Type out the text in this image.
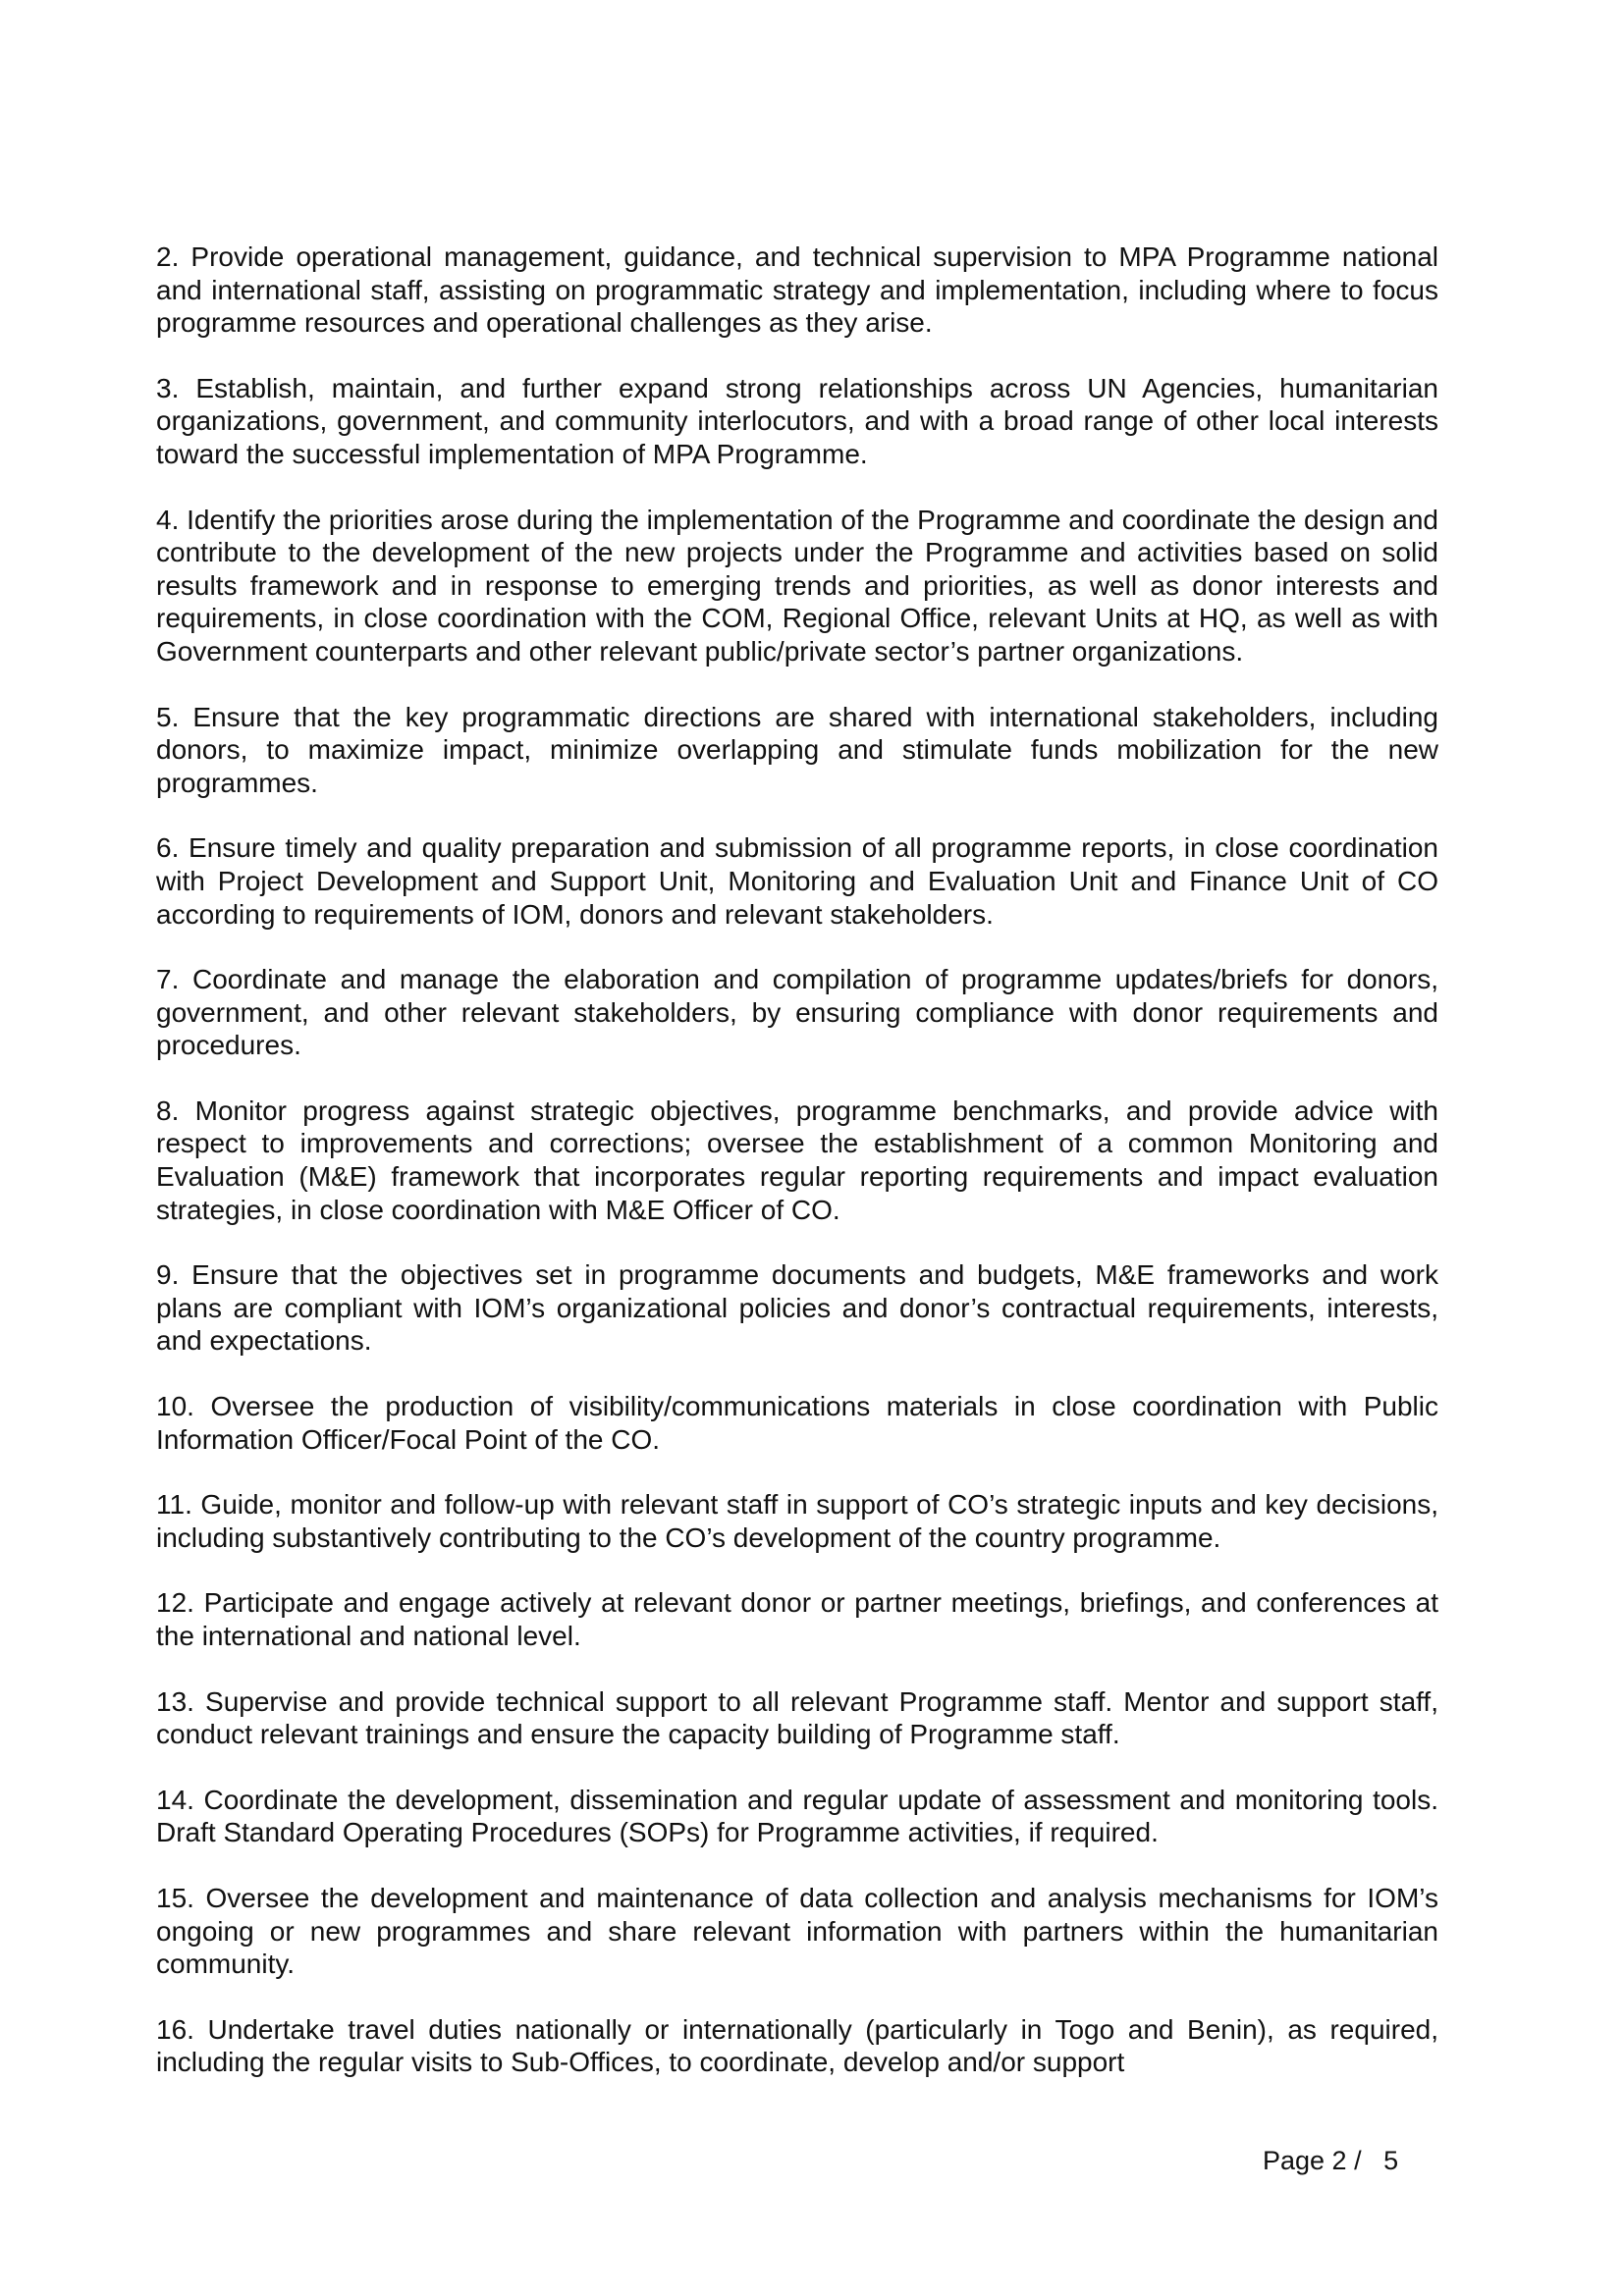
2. Provide operational management, guidance, and technical supervision to MPA Programme national and international staff, assisting on programmatic strategy and implementation, including where to focus programme resources and operational challenges as they arise.

3. Establish, maintain, and further expand strong relationships across UN Agencies, humanitarian organizations, government, and community interlocutors, and with a broad range of other local interests toward the successful implementation of MPA Programme.

4. Identify the priorities arose during the implementation of the Programme and coordinate the design and contribute to the development of the new projects under the Programme and activities based on solid results framework and in response to emerging trends and priorities, as well as donor interests and requirements, in close coordination with the COM, Regional Office, relevant Units at HQ, as well as with Government counterparts and other relevant public/private sector’s partner organizations.

5. Ensure that the key programmatic directions are shared with international stakeholders, including donors, to maximize impact, minimize overlapping and stimulate funds mobilization for the new programmes.

6. Ensure timely and quality preparation and submission of all programme reports, in close coordination with Project Development and Support Unit, Monitoring and Evaluation Unit and Finance Unit of CO according to requirements of IOM, donors and relevant stakeholders.

7. Coordinate and manage the elaboration and compilation of programme updates/briefs for donors, government, and other relevant stakeholders, by ensuring compliance with donor requirements and procedures.

8. Monitor progress against strategic objectives, programme benchmarks, and provide advice with respect to improvements and corrections; oversee the establishment of a common Monitoring and Evaluation (M&E) framework that incorporates regular reporting requirements and impact evaluation strategies, in close coordination with M&E Officer of CO.

9. Ensure that the objectives set in programme documents and budgets, M&E frameworks and work plans are compliant with IOM’s organizational policies and donor’s contractual requirements, interests, and expectations.

10. Oversee the production of visibility/communications materials in close coordination with Public Information Officer/Focal Point of the CO.

11. Guide, monitor and follow-up with relevant staff in support of CO’s strategic inputs and key decisions, including substantively contributing to the CO’s development of the country programme.

12. Participate and engage actively at relevant donor or partner meetings, briefings, and conferences at the international and national level.

13. Supervise and provide technical support to all relevant Programme staff. Mentor and support staff, conduct relevant trainings and ensure the capacity building of Programme staff.

14. Coordinate the development, dissemination and regular update of assessment and monitoring tools. Draft Standard Operating Procedures (SOPs) for Programme activities, if required.

15. Oversee the development and maintenance of data collection and analysis mechanisms for IOM’s ongoing or new programmes and share relevant information with partners within the humanitarian community.

16. Undertake travel duties nationally or internationally (particularly in Togo and Benin), as required, including the regular visits to Sub-Offices, to coordinate, develop and/or support

Page 2 /   5
